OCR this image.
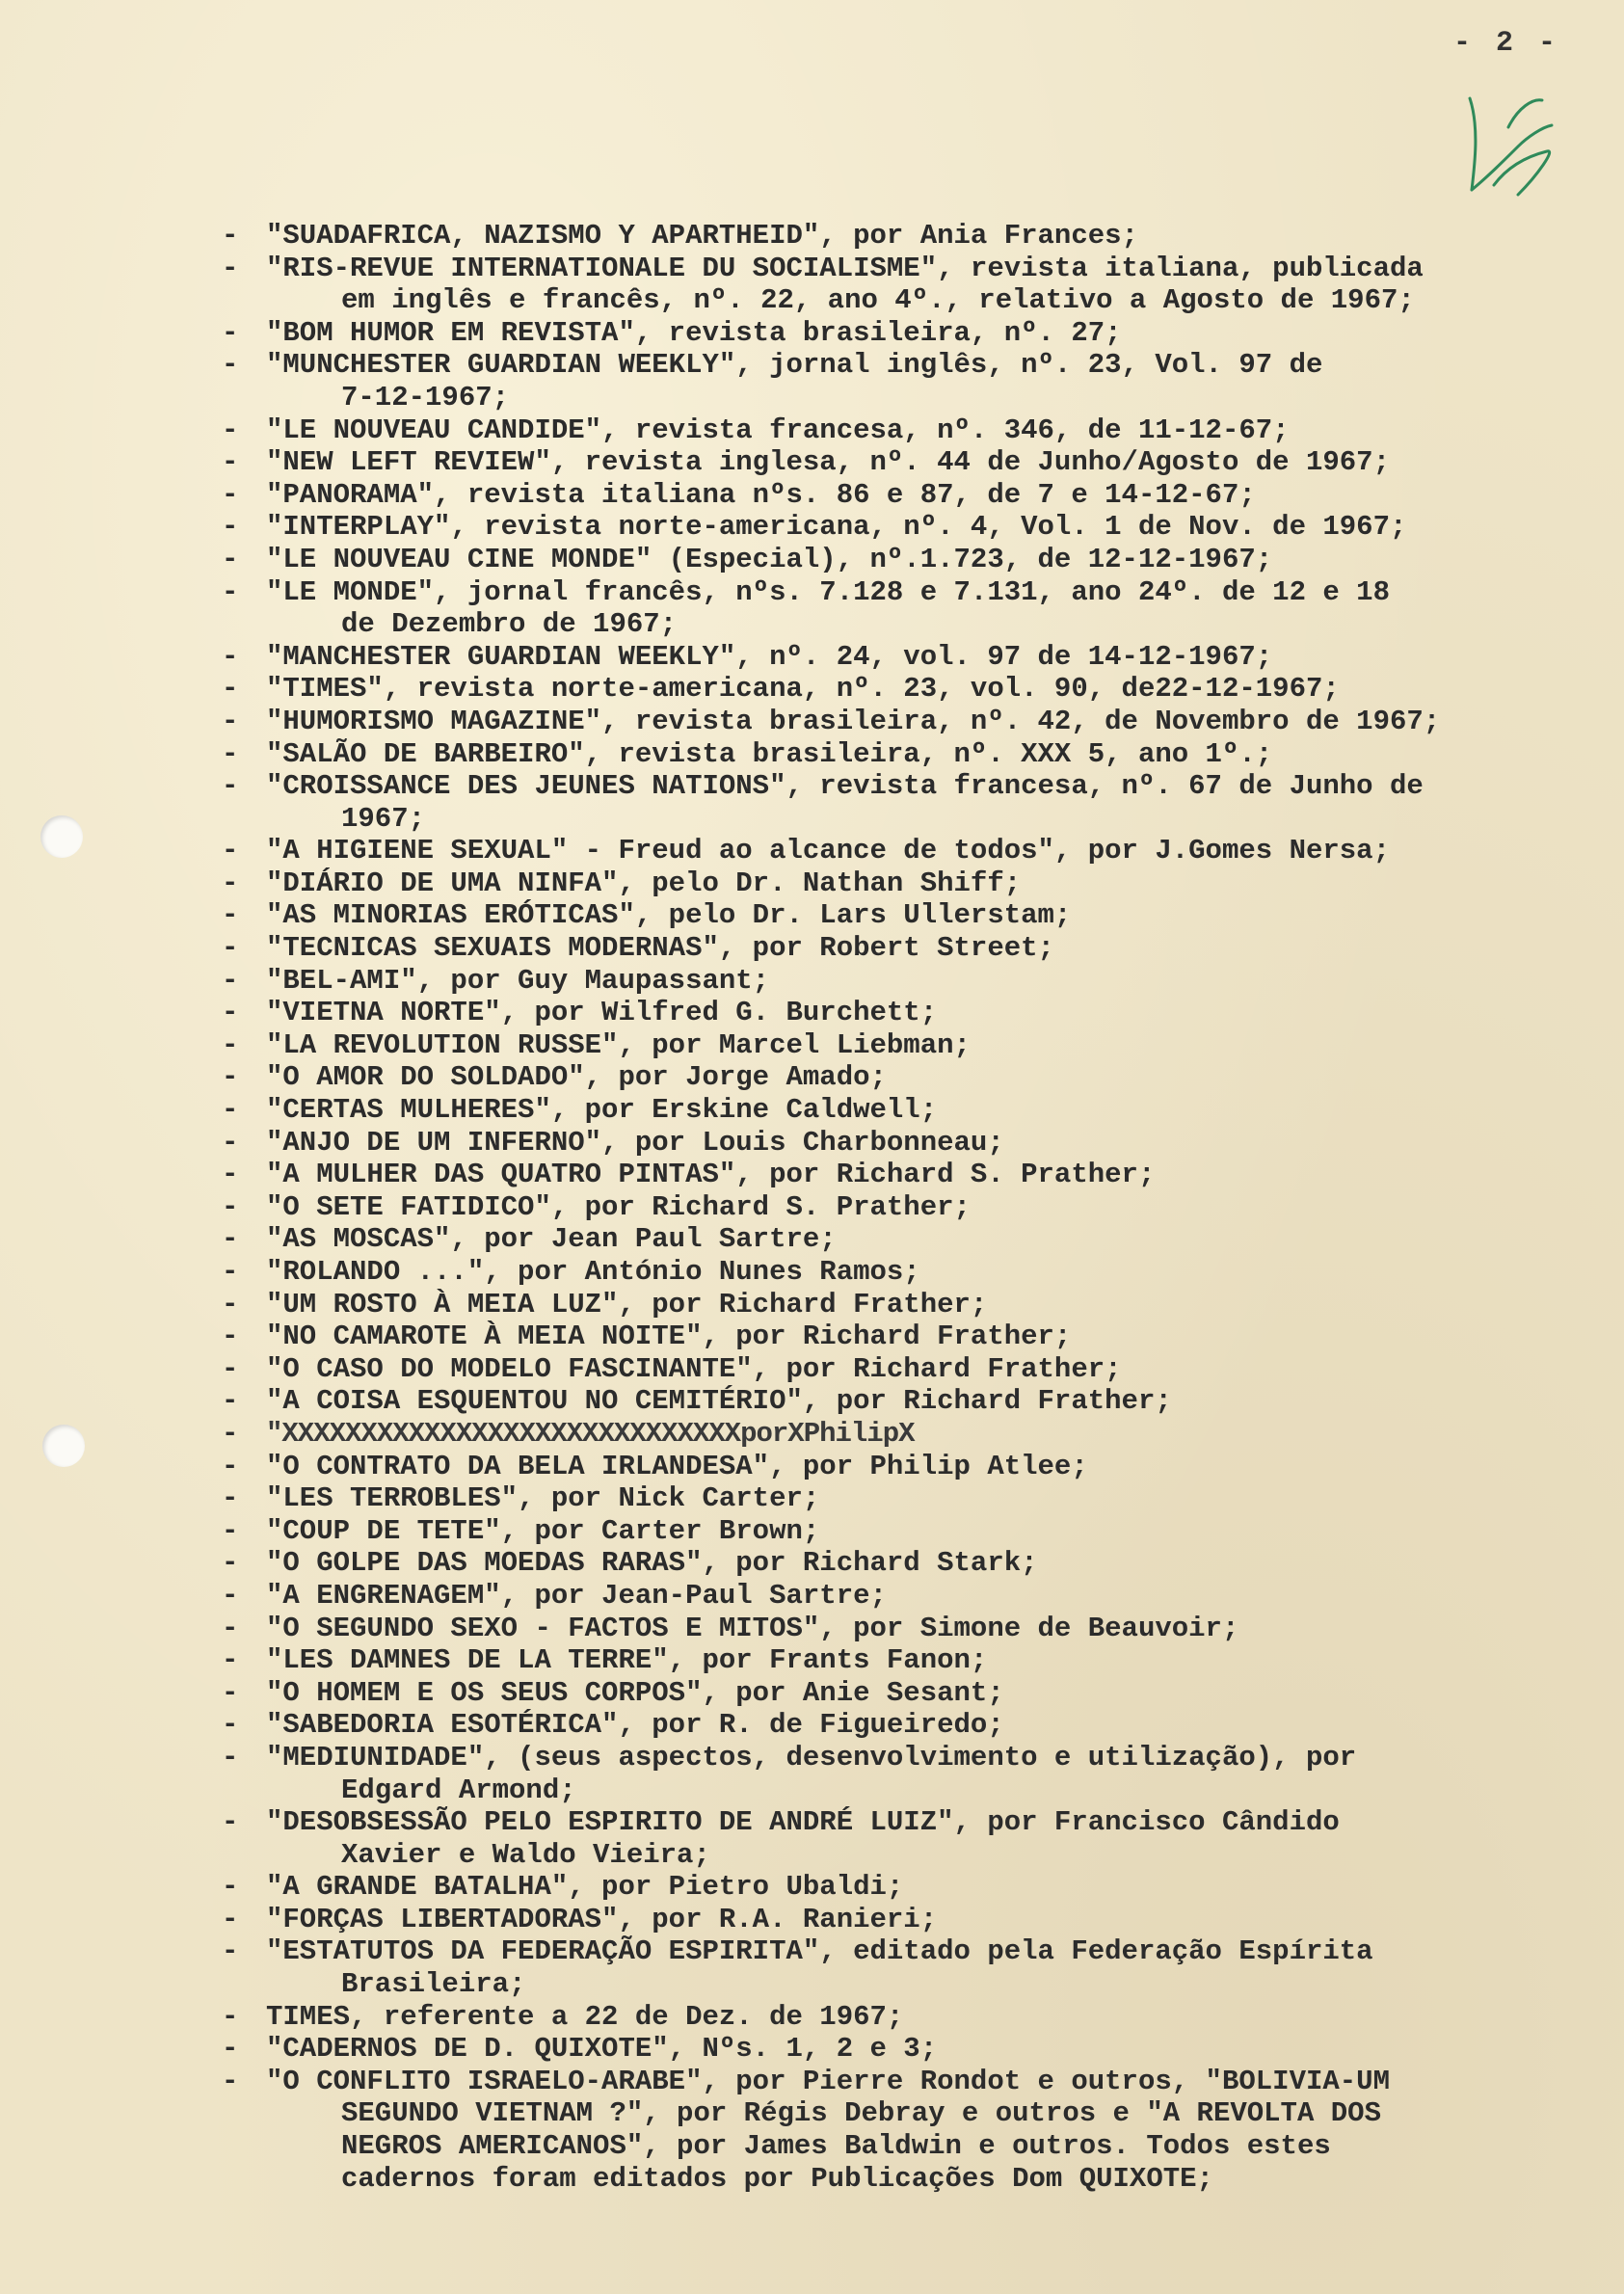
- 2 -
- "SUADAFRICA, NAZISMO Y APARTHEID", por Ania Frances;
- "RIS-REVUE INTERNATIONALE DU SOCIALISME", revista italiana, publicada
em inglês e francês, nº. 22, ano 4º., relativo a Agosto de 1967;
- "BOM HUMOR EM REVISTA", revista brasileira, nº. 27;
- "MUNCHESTER GUARDIAN WEEKLY", jornal inglês, nº. 23, Vol. 97 de
7-12-1967;
- "LE NOUVEAU CANDIDE", revista francesa, nº. 346, de 11-12-67;
- "NEW LEFT REVIEW", revista inglesa, nº. 44 de Junho/Agosto de 1967;
- "PANORAMA", revista italiana nºs. 86 e 87, de 7 e 14-12-67;
- "INTERPLAY", revista norte-americana, nº. 4, Vol. 1 de Nov. de 1967;
- "LE NOUVEAU CINE MONDE" (Especial), nº.1.723, de 12-12-1967;
- "LE MONDE", jornal francês, nºs. 7.128 e 7.131, ano 24º. de 12 e 18
de Dezembro de 1967;
- "MANCHESTER GUARDIAN WEEKLY", nº. 24, vol. 97 de 14-12-1967;
- "TIMES", revista norte-americana, nº. 23, vol. 90, de22-12-1967;
- "HUMORISMO MAGAZINE", revista brasileira, nº. 42, de Novembro de 1967;
- "SALÃO DE BARBEIRO", revista brasileira, nº. XXX 5, ano 1º.;
- "CROISSANCE DES JEUNES NATIONS", revista francesa, nº. 67 de Junho de
1967;
- "A HIGIENE SEXUAL" - Freud ao alcance de todos", por J.Gomes Nersa;
- "DIÁRIO DE UMA NINFA", pelo Dr. Nathan Shiff;
- "AS MINORIAS ERÓTICAS", pelo Dr. Lars Ullerstam;
- "TECNICAS SEXUAIS MODERNAS", por Robert Street;
- "BEL-AMI", por Guy Maupassant;
- "VIETNA NORTE", por Wilfred G. Burchett;
- "LA REVOLUTION RUSSE", por Marcel Liebman;
- "O AMOR DO SOLDADO", por Jorge Amado;
- "CERTAS MULHERES", por Erskine Caldwell;
- "ANJO DE UM INFERNO", por Louis Charbonneau;
- "A MULHER DAS QUATRO PINTAS", por Richard S. Prather;
- "O SETE FATIDICO", por Richard S. Prather;
- "AS MOSCAS", por Jean Paul Sartre;
- "ROLANDO ...", por António Nunes Ramos;
- "UM ROSTO À MEIA LUZ", por Richard Frather;
- "NO CAMAROTE À MEIA NOITE", por Richard Frather;
- "O CASO DO MODELO FASCINANTE", por Richard Frather;
- "A COISA ESQUENTOU NO CEMITÉRIO", por Richard Frather;
- "XXXXXXXXXXXXXXXXXXXXXXXXXXXXXporXPhilipX
- "O CONTRATO DA BELA IRLANDESA", por Philip Atlee;
- "LES TERROBLES", por Nick Carter;
- "COUP DE TETE", por Carter Brown;
- "O GOLPE DAS MOEDAS RARAS", por Richard Stark;
- "A ENGRENAGEM", por Jean-Paul Sartre;
- "O SEGUNDO SEXO - FACTOS E MITOS", por Simone de Beauvoir;
- "LES DAMNES DE LA TERRE", por Frants Fanon;
- "O HOMEM E OS SEUS CORPOS", por Anie Sesant;
- "SABEDORIA ESOTÉRICA", por R. de Figueiredo;
- "MEDIUNIDADE", (seus aspectos, desenvolvimento e utilização), por
Edgard Armond;
- "DESOBSESSÃO PELO ESPIRITO DE ANDRÉ LUIZ", por Francisco Cândido
Xavier e Waldo Vieira;
- "A GRANDE BATALHA", por Pietro Ubaldi;
- "FORÇAS LIBERTADORAS", por R.A. Ranieri;
- "ESTATUTOS DA FEDERAÇÃO ESPIRITA", editado pela Federação Espírita
Brasileira;
- TIMES, referente a 22 de Dez. de 1967;
- "CADERNOS DE D. QUIXOTE", Nºs. 1, 2 e 3;
- "O CONFLITO ISRAELO-ARABE", por Pierre Rondot e outros, "BOLIVIA-UM
SEGUNDO VIETNAM ?", por Régis Debray e outros e "A REVOLTA DOS
NEGROS AMERICANOS", por James Baldwin e outros. Todos estes
cadernos foram editados por Publicações Dom QUIXOTE;
